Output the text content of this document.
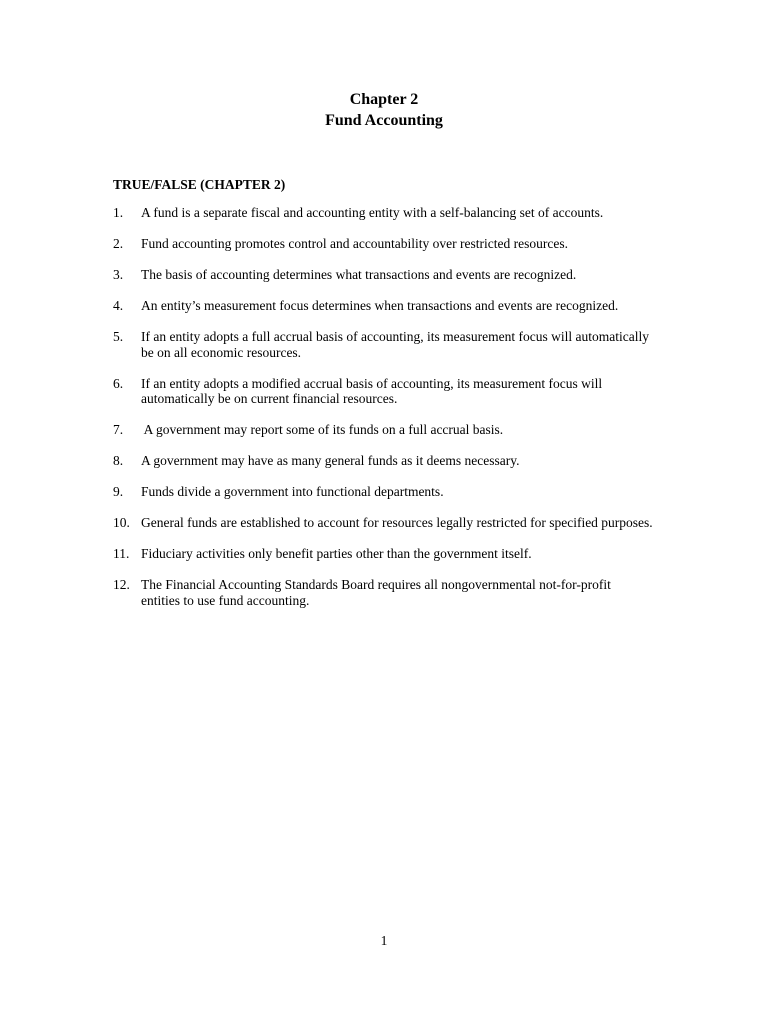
Chapter 2
Fund Accounting
TRUE/FALSE (CHAPTER 2)
1. A fund is a separate fiscal and accounting entity with a self-balancing set of accounts.
2. Fund accounting promotes control and accountability over restricted resources.
3. The basis of accounting determines what transactions and events are recognized.
4. An entity’s measurement focus determines when transactions and events are recognized.
5. If an entity adopts a full accrual basis of accounting, its measurement focus will automatically be on all economic resources.
6. If an entity adopts a modified accrual basis of accounting, its measurement focus will automatically be on current financial resources.
7. A government may report some of its funds on a full accrual basis.
8. A government may have as many general funds as it deems necessary.
9. Funds divide a government into functional departments.
10. General funds are established to account for resources legally restricted for specified purposes.
11. Fiduciary activities only benefit parties other than the government itself.
12. The Financial Accounting Standards Board requires all nongovernmental not-for-profit entities to use fund accounting.
1
